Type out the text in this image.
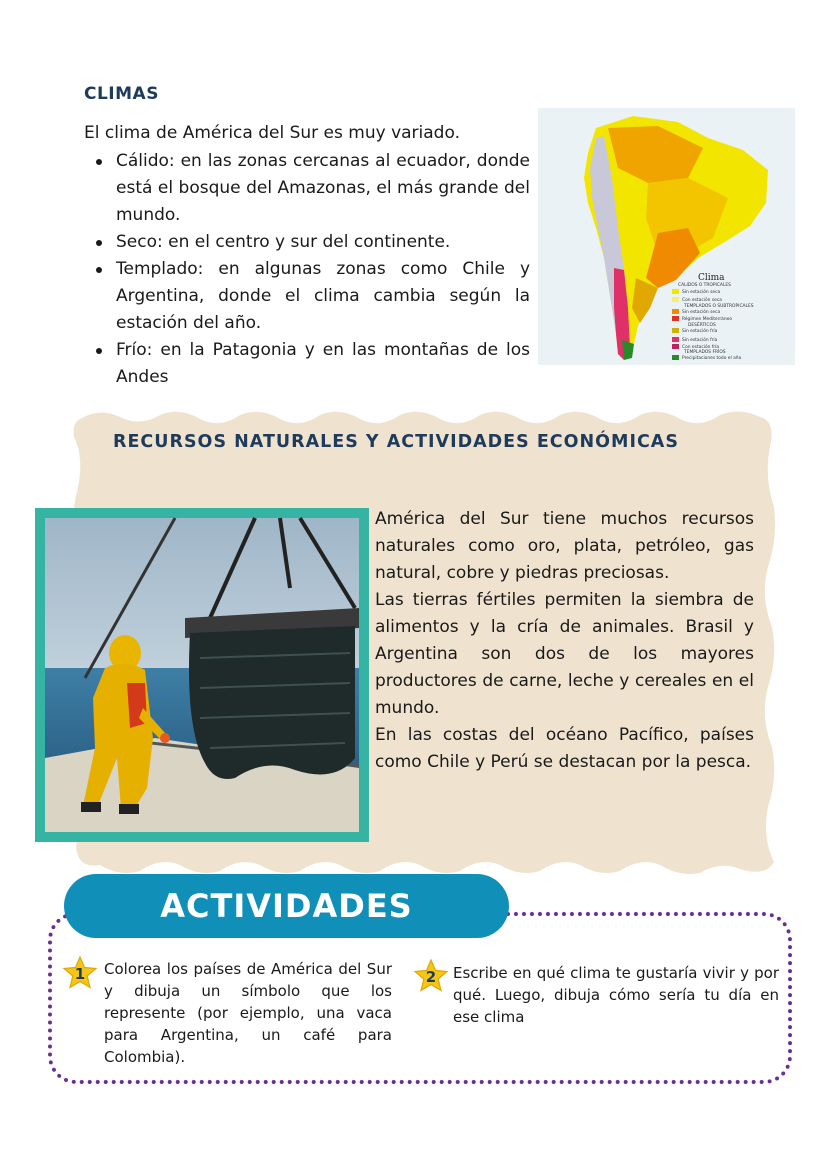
CLIMAS

El clima de América del Sur es muy variado.

Cálido: en las zonas cercanas al ecuador, donde está el bosque del Amazonas, el más grande del mundo.
Seco: en el centro y sur del continente.
Templado: en algunas zonas como Chile y Argentina, donde el clima cambia según la estación del año.
Frío: en la Patagonia y en las montañas de los Andes
Clima
CALIDOS O TROPICALES
Sin estación seca
Con estación seca
TEMPLADOS O SUBTROPICALES
Sin estación seca
Régimen Mediterráneo
DESÉRTICOS
Sin estación fría
Sin estación fría
Con estación fría
TEMPLADOS FRÍOS
Precipitaciones todo el año
RECURSOS NATURALES Y ACTIVIDADES ECONÓMICAS

América del Sur tiene muchos recursos naturales como oro, plata, petróleo, gas natural, cobre y piedras preciosas.

Las tierras fértiles permiten la siembra de alimentos y la cría de animales. Brasil y Argentina son dos de los mayores productores de carne, leche y cereales en el mundo.

En las costas del océano Pacífico, países como Chile y Perú se destacan por la pesca.

ACTIVIDADES
1 Colorea los países de América del Sur y dibuja un símbolo que los represente (por ejemplo, una vaca para Argentina, un café para Colombia).

2 Escribe en qué clima te gustaría vivir y por qué. Luego, dibuja cómo sería tu día en ese clima
